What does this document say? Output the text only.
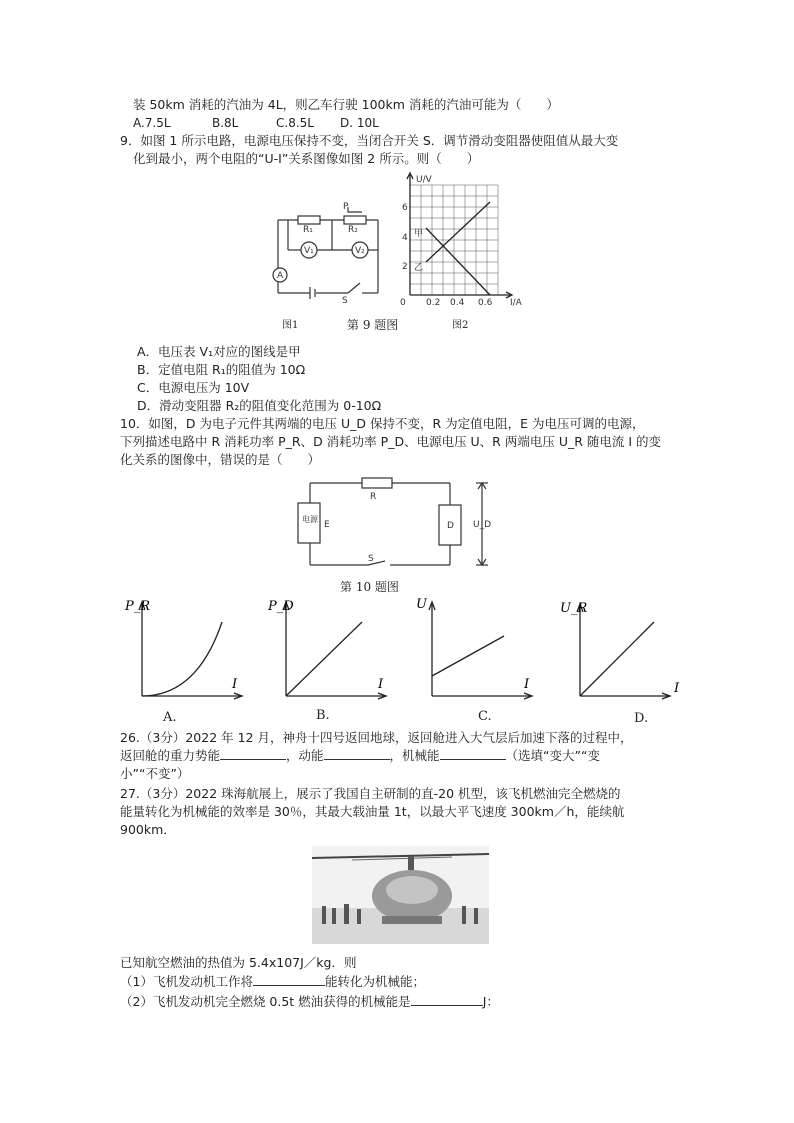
装 50km 消耗的汽油为 4L，则乙车行驶 100km 消耗的汽油可能为（　　）
A.7.5L	B.8L	C.8.5L D. 10L
9．如图 1 所示电路，电源电压保持不变，当闭合开关 S．调节滑动变阻器使阻值从最大变
化到最小，两个电阻的“U-I”关系图像如图 2 所示。则（　　）
R₁	R₂
P
V₁	V₂
A
S
图1
U/V
6
4
2
0 0.2 0.4 0.6 I/A
甲
乙
图2
第 9 题图
A．电压表 V₁对应的图线是甲
B．定值电阻 R₁的阻值为 10Ω
C．电源电压为 10V
D．滑动变阻器 R₂的阻值变化范围为 0-10Ω
10．如图，D 为电子元件其两端的电压 U_D 保持不变，R 为定值电阻，E 为电压可调的电源，
下列描述电路中 R 消耗功率 P_R、D 消耗功率 P_D、电源电压 U、R 两端电压 U_R 随电流 I 的变
化关系的图像中，错误的是（　　）
R
电源
E	D U_D
S
第 10 题图
P_R
I
P_D
I
U
I
U_R
I
A.	B.	C.	D.
26.（3分）2022 年 12 月，神舟十四号返回地球，返回舱进入大气层后加速下落的过程中，
返回舱的重力势能	，动能	，机械能	（选填“变大”“变
小”“不变”）
27.（3分）2022 珠海航展上，展示了我国自主研制的直-20 机型，该飞机燃油完全燃烧的
能量转化为机械能的效率是 30％，其最大载油量 1t，以最大平飞速度 300km／h，能续航
900km．
已知航空燃油的热值为 5.4x107J／kg．则
（1）飞机发动机工作将	能转化为机械能；
（2）飞机发动机完全燃烧 0.5t 燃油获得的机械能是	J：
